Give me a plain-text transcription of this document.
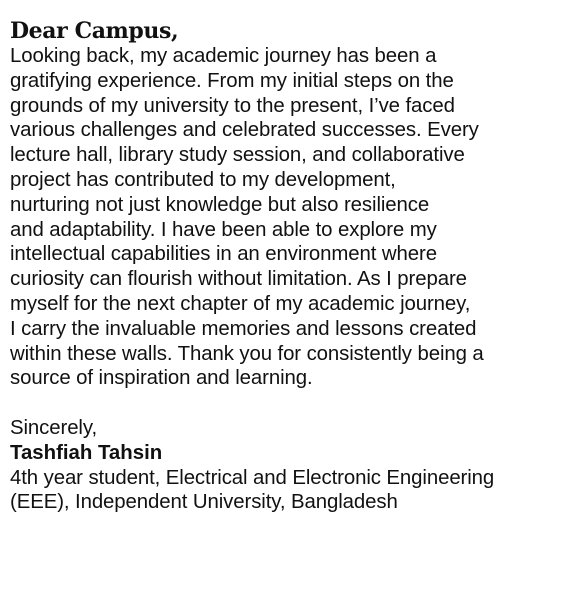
Dear Campus,

Looking back, my academic journey has been a

gratifying experience. From my initial steps on the

grounds of my university to the present, I’ve faced

various challenges and celebrated successes. Every

lecture hall, library study session, and collaborative

project has contributed to my development,

nurturing not just knowledge but also resilience

and adaptability. I have been able to explore my

intellectual capabilities in an environment where

curiosity can flourish without limitation. As I prepare

myself for the next chapter of my academic journey,

I carry the invaluable memories and lessons created

within these walls. Thank you for consistently being a

source of inspiration and learning.

Sincerely,

Tashfiah Tahsin

4th year student, Electrical and Electronic Engineering

(EEE), Independent University, Bangladesh
